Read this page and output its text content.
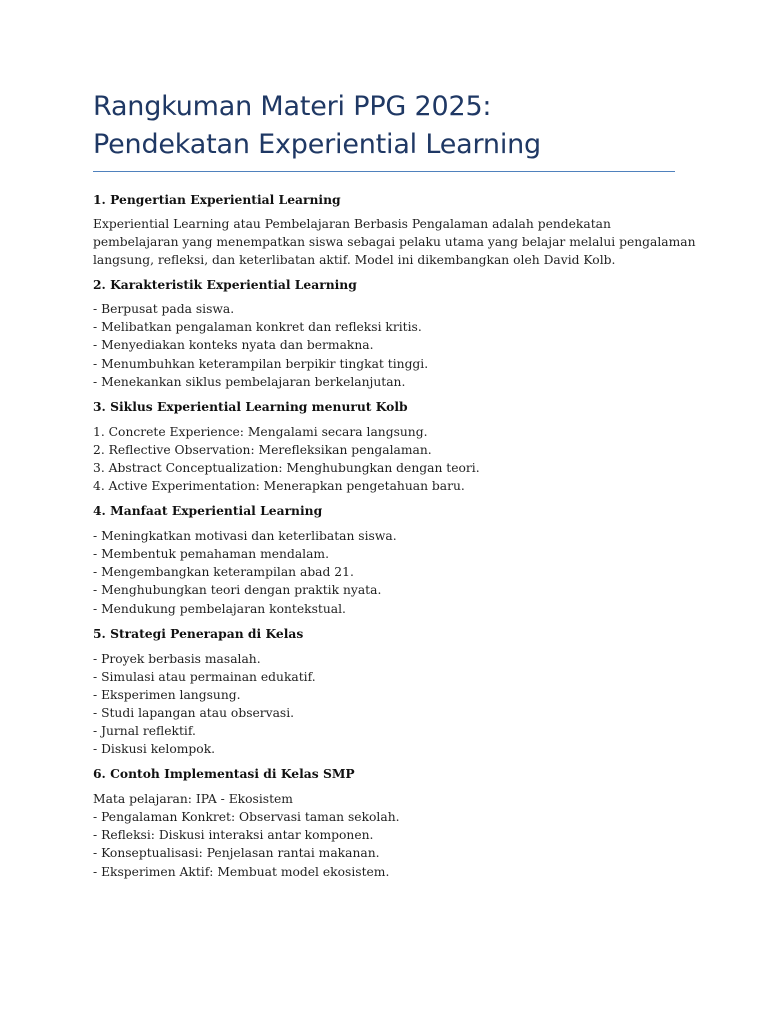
Rangkuman Materi PPG 2025:
Pendekatan Experiential Learning

1. Pengertian Experiential Learning

Experiential Learning atau Pembelajaran Berbasis Pengalaman adalah pendekatan
pembelajaran yang menempatkan siswa sebagai pelaku utama yang belajar melalui pengalaman
langsung, refleksi, dan keterlibatan aktif. Model ini dikembangkan oleh David Kolb.

2. Karakteristik Experiential Learning

- Berpusat pada siswa.
- Melibatkan pengalaman konkret dan refleksi kritis.
- Menyediakan konteks nyata dan bermakna.
- Menumbuhkan keterampilan berpikir tingkat tinggi.
- Menekankan siklus pembelajaran berkelanjutan.

3. Siklus Experiential Learning menurut Kolb

1. Concrete Experience: Mengalami secara langsung.
2. Reflective Observation: Merefleksikan pengalaman.
3. Abstract Conceptualization: Menghubungkan dengan teori.
4. Active Experimentation: Menerapkan pengetahuan baru.

4. Manfaat Experiential Learning

- Meningkatkan motivasi dan keterlibatan siswa.
- Membentuk pemahaman mendalam.
- Mengembangkan keterampilan abad 21.
- Menghubungkan teori dengan praktik nyata.
- Mendukung pembelajaran kontekstual.

5. Strategi Penerapan di Kelas

- Proyek berbasis masalah.
- Simulasi atau permainan edukatif.
- Eksperimen langsung.
- Studi lapangan atau observasi.
- Jurnal reflektif.
- Diskusi kelompok.

6. Contoh Implementasi di Kelas SMP

Mata pelajaran: IPA - Ekosistem
- Pengalaman Konkret: Observasi taman sekolah.
- Refleksi: Diskusi interaksi antar komponen.
- Konseptualisasi: Penjelasan rantai makanan.
- Eksperimen Aktif: Membuat model ekosistem.
